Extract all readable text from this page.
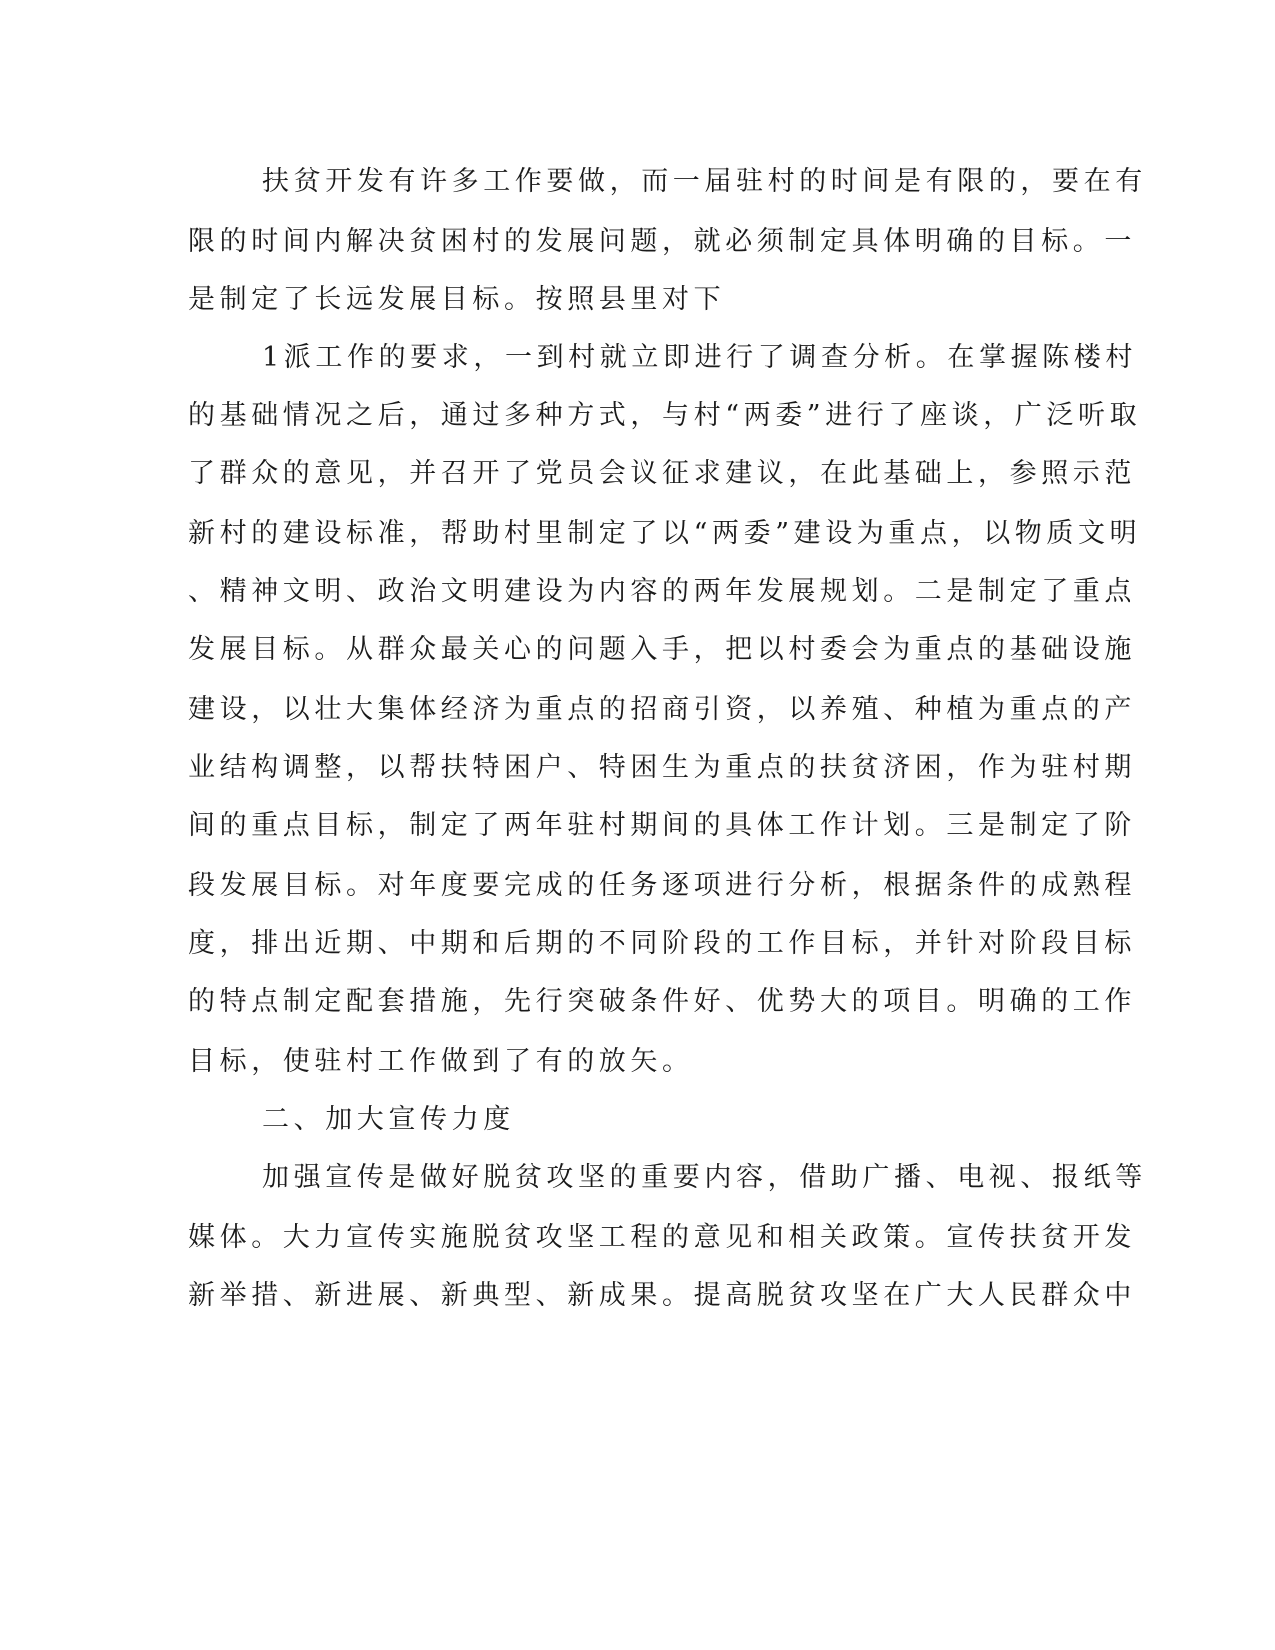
扶贫开发有许多工作要做，而一届驻村的时间是有限的，要在有
限的时间内解决贫困村的发展问题，就必须制定具体明确的目标。一
是制定了长远发展目标。按照县里对下
1派工作的要求，一到村就立即进行了调查分析。在掌握陈楼村
的基础情况之后，通过多种方式，与村“两委”进行了座谈，广泛听取
了群众的意见，并召开了党员会议征求建议，在此基础上，参照示范
新村的建设标准，帮助村里制定了以“两委”建设为重点，以物质文明
、精神文明、政治文明建设为内容的两年发展规划。二是制定了重点
发展目标。从群众最关心的问题入手，把以村委会为重点的基础设施
建设，以壮大集体经济为重点的招商引资，以养殖、种植为重点的产
业结构调整，以帮扶特困户、特困生为重点的扶贫济困，作为驻村期
间的重点目标，制定了两年驻村期间的具体工作计划。三是制定了阶
段发展目标。对年度要完成的任务逐项进行分析，根据条件的成熟程
度，排出近期、中期和后期的不同阶段的工作目标，并针对阶段目标
的特点制定配套措施，先行突破条件好、优势大的项目。明确的工作
目标，使驻村工作做到了有的放矢。
二、加大宣传力度
加强宣传是做好脱贫攻坚的重要内容，借助广播、电视、报纸等
媒体。大力宣传实施脱贫攻坚工程的意见和相关政策。宣传扶贫开发
新举措、新进展、新典型、新成果。提高脱贫攻坚在广大人民群众中
